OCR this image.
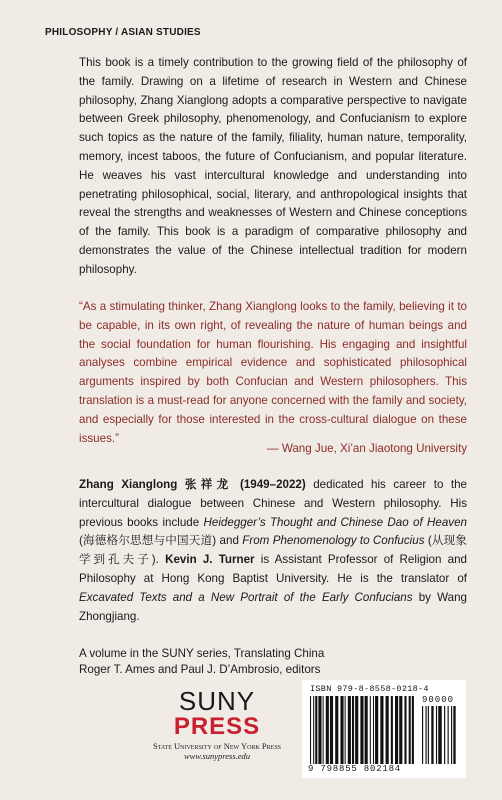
PHILOSOPHY / ASIAN STUDIES

This book is a timely contribution to the growing field of the philosophy of the family. Drawing on a lifetime of research in Western and Chinese philosophy, Zhang Xianglong adopts a comparative perspective to navigate between Greek philosophy, phenomenology, and Confucianism to explore such topics as the nature of the family, filiality, human nature, temporality, memory, incest taboos, the future of Confucianism, and popular literature. He weaves his vast intercultural knowledge and understanding into penetrating philosophical, social, literary, and anthropological insights that reveal the strengths and weaknesses of Western and Chinese conceptions of the family. This book is a paradigm of comparative philosophy and demonstrates the value of the Chinese intellectual tradition for modern philosophy.

“As a stimulating thinker, Zhang Xianglong looks to the family, believing it to be capable, in its own right, of revealing the nature of human beings and the social foundation for human flourishing. His engaging and insightful analyses combine empirical evidence and sophisticated philosophical arguments inspired by both Confucian and Western philosophers. This translation is a must-read for anyone concerned with the family and society, and especially for those interested in the cross-cultural dialogue on these issues.”

— Wang Jue, Xi’an Jiaotong University

Zhang Xianglong 张祥龙 (1949–2022) dedicated his career to the intercultural dialogue between Chinese and Western philosophy. His previous books include Heidegger’s Thought and Chinese Dao of Heaven (海德格尔思想与中国天道) and From Phenomenology to Confucius (从现象学到孔夫子). Kevin J. Turner is Assistant Professor of Religion and Philosophy at Hong Kong Baptist University. He is the translator of Excavated Texts and a New Portrait of the Early Confucians by Wang Zhongjiang.

A volume in the SUNY series, Translating China
Roger T. Ames and Paul J. D’Ambrosio, editors
SUNY
PRESS
State University of New York Press
www.sunypress.edu
ISBN 979-8-8558-0218-4
90000
9 798855 802184
